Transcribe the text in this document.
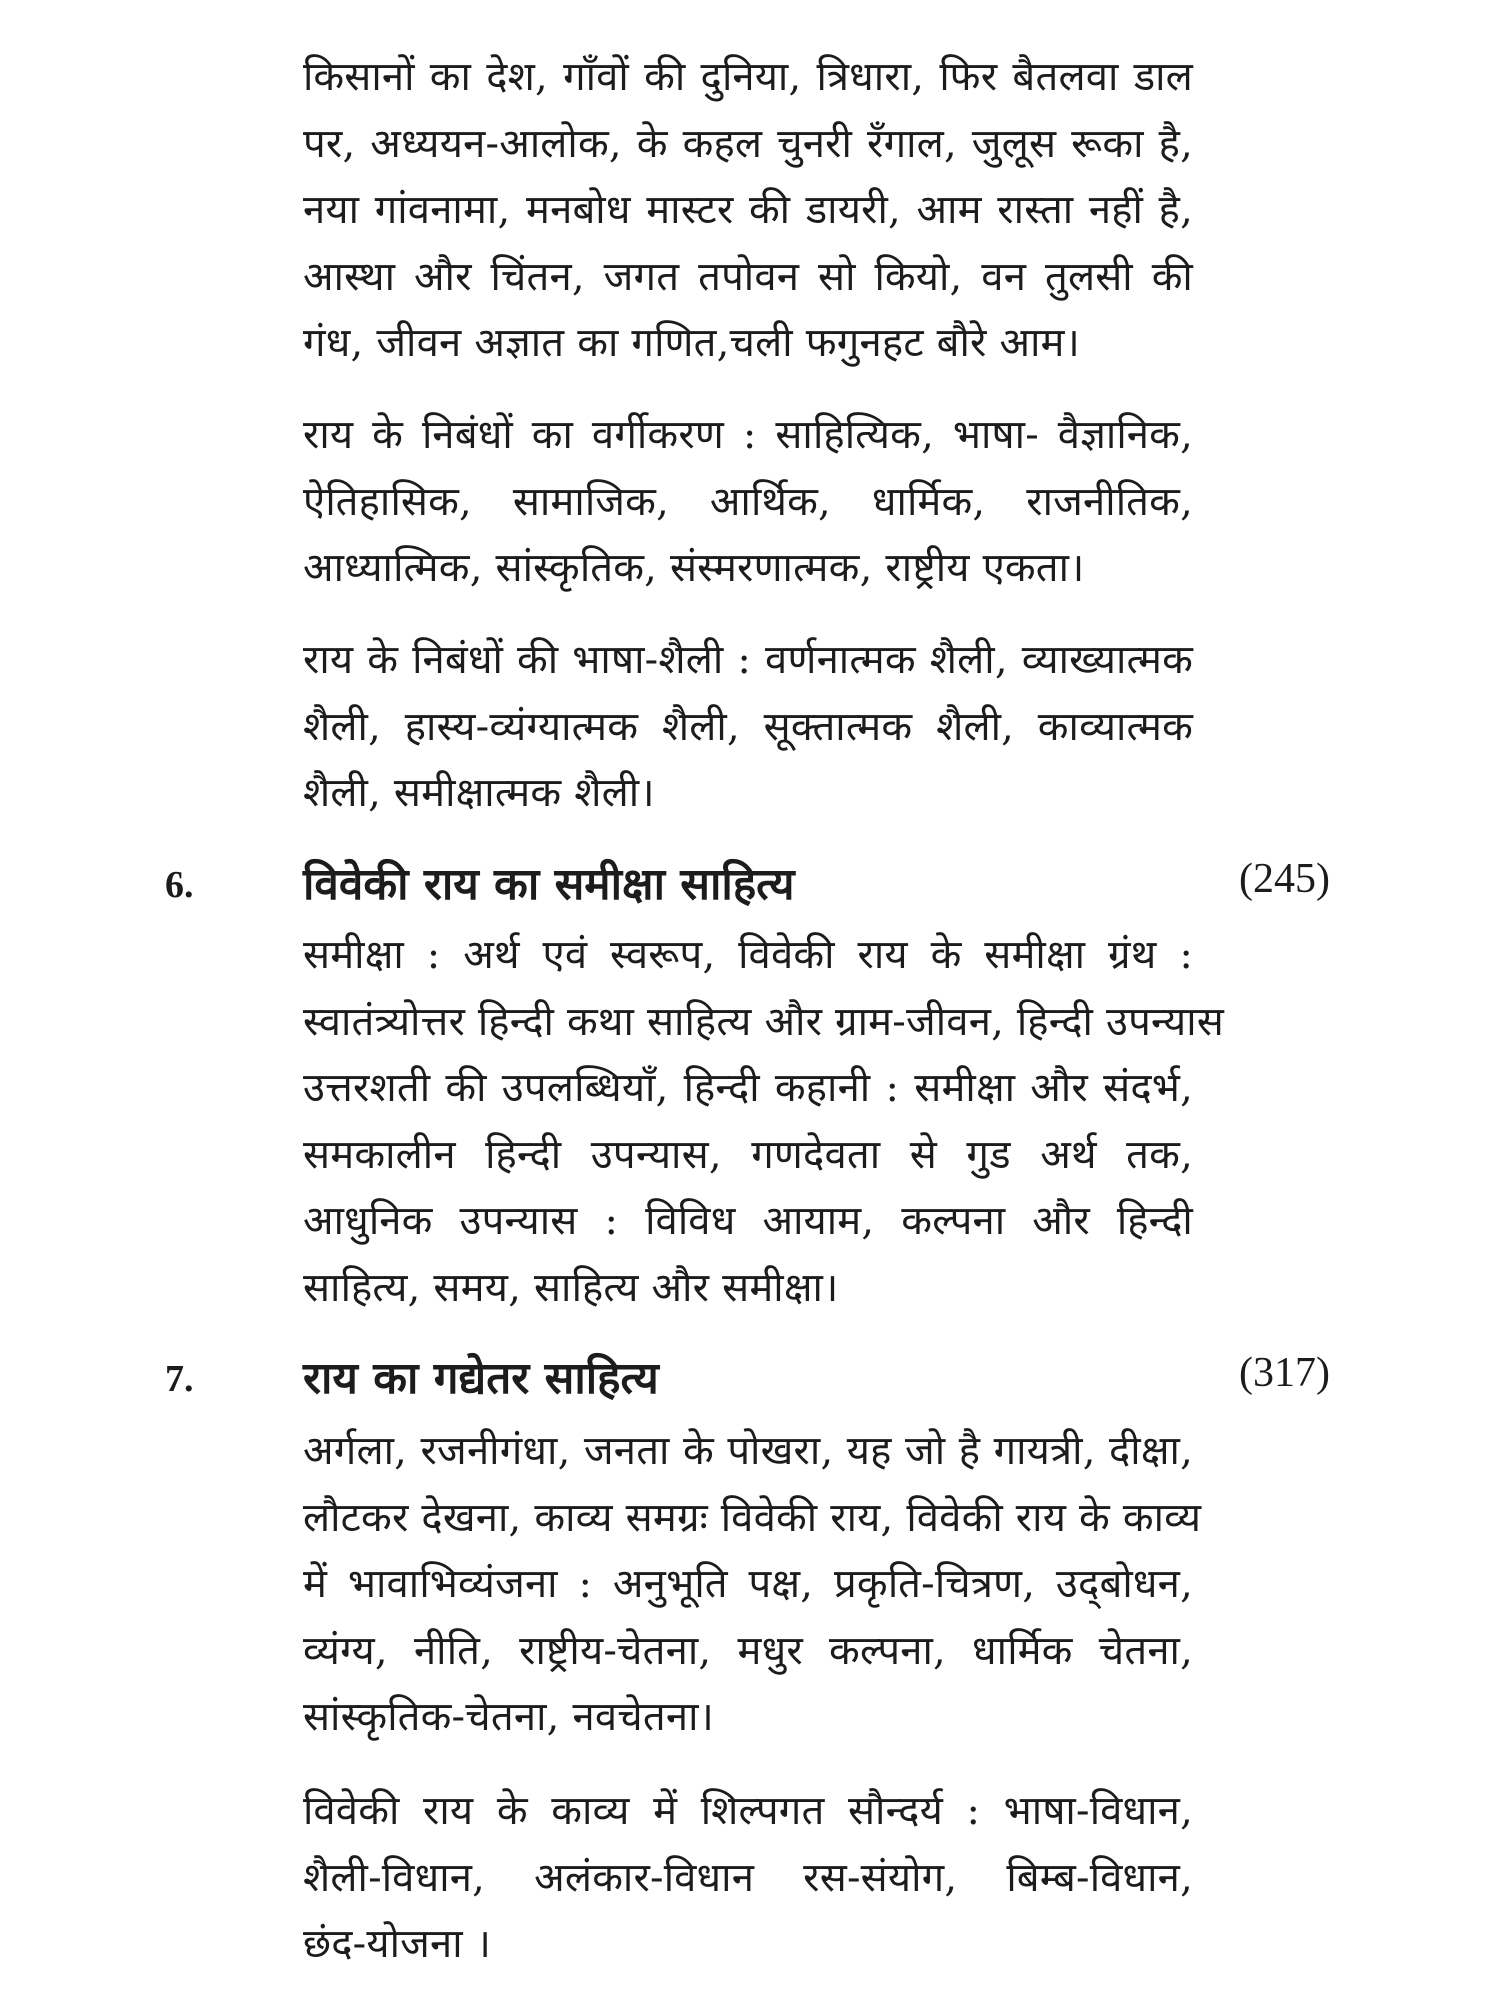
किसानों का देश, गाँवों की दुनिया, त्रिधारा, फिर बैतलवा डाल
पर, अध्ययन-आलोक, के कहल चुनरी रँगाल, जुलूस रूका है,
नया गांवनामा, मनबोध मास्टर की डायरी, आम रास्ता नहीं है,
आस्था और चिंतन, जगत तपोवन सो कियो, वन तुलसी की
गंध, जीवन अज्ञात का गणित,चली फगुनहट बौरे आम।
राय के निबंधों का वर्गीकरण : साहित्यिक, भाषा- वैज्ञानिक,
ऐतिहासिक, सामाजिक, आर्थिक, धार्मिक, राजनीतिक,
आध्यात्मिक, सांस्कृतिक, संस्मरणात्मक, राष्ट्रीय एकता।
राय के निबंधों की भाषा-शैली : वर्णनात्मक शैली, व्याख्यात्मक
शैली, हास्य-व्यंग्यात्मक शैली, सूक्तात्मक शैली, काव्यात्मक
शैली, समीक्षात्मक शैली।
6. विवेकी राय का समीक्षा साहित्य	(245)
समीक्षा : अर्थ एवं स्वरूप, विवेकी राय के समीक्षा ग्रंथ :
स्वातंत्र्योत्तर हिन्दी कथा साहित्य और ग्राम-जीवन, हिन्दी उपन्यास
उत्तरशती की उपलब्धियाँ, हिन्दी कहानी : समीक्षा और संदर्भ,
समकालीन हिन्दी उपन्यास, गणदेवता से गुड अर्थ तक,
आधुनिक उपन्यास : विविध आयाम, कल्पना और हिन्दी
साहित्य, समय, साहित्य और समीक्षा।
7. राय का गद्येतर साहित्य	(317)
अर्गला, रजनीगंधा, जनता के पोखरा, यह जो है गायत्री, दीक्षा,
लौटकर देखना, काव्य समग्रः विवेकी राय, विवेकी राय के काव्य
में भावाभिव्यंजना : अनुभूति पक्ष, प्रकृति-चित्रण, उद्‌बोधन,
व्यंग्य, नीति, राष्ट्रीय-चेतना, मधुर कल्पना, धार्मिक चेतना,
सांस्कृतिक-चेतना, नवचेतना।
विवेकी राय के काव्य में शिल्पगत सौन्दर्य : भाषा-विधान,
शैली-विधान, अलंकार-विधान रस-संयोग, बिम्ब-विधान,
छंद-योजना ।
